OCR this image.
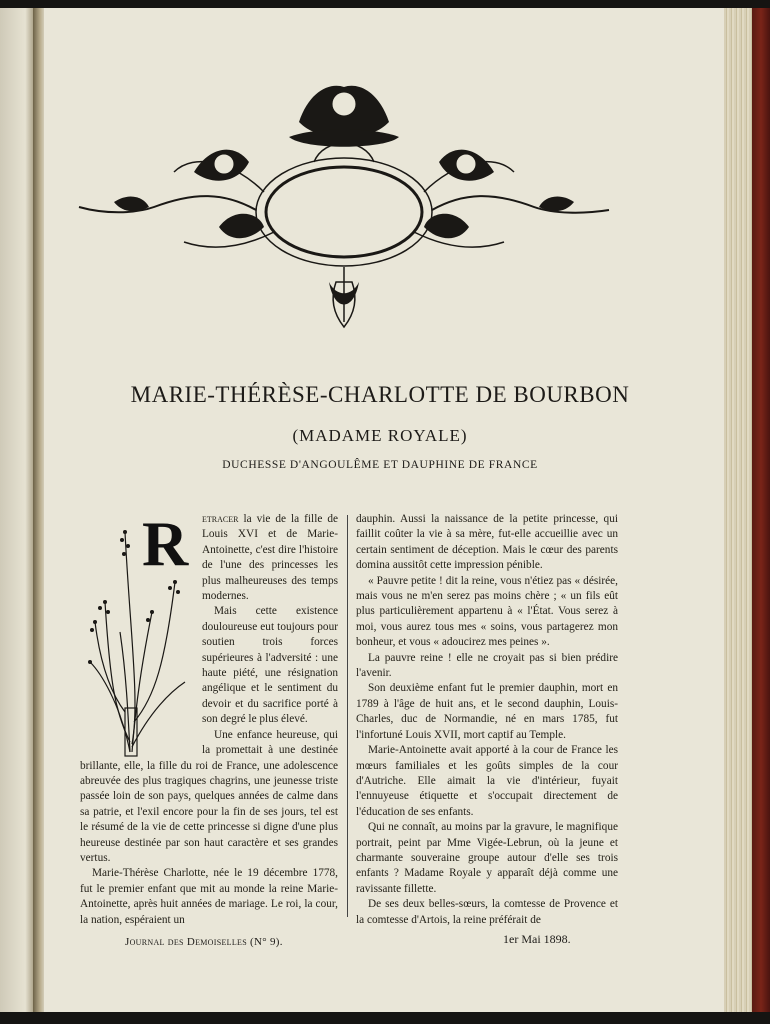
MARIE-THÉRÈSE-CHARLOTTE DE BOURBON
(MADAME ROYALE)
DUCHESSE D'ANGOULÊME ET DAUPHINE DE FRANCE
R	etracer la vie de la fille de Louis XVI et de Marie-Antoinette, c'est dire l'histoire de l'une des princesses les plus malheureuses des temps modernes.

Mais cette existence douloureuse eut toujours pour soutien trois forces supérieures à l'adversité : une haute piété, une résignation angélique et le sentiment du devoir et du sacrifice porté à son degré le plus élevé.

Une enfance heureuse, qui la promettait à une destinée brillante, elle, la fille du roi de France, une adolescence abreuvée des plus tragiques chagrins, une jeunesse triste passée loin de son pays, quelques années de calme dans sa patrie, et l'exil encore pour la fin de ses jours, tel est le résumé de la vie de cette princesse si digne d'une plus heureuse destinée par son haut caractère et ses grandes vertus.

Marie-Thérèse Charlotte, née le 19 décembre 1778, fut le premier enfant que mit au monde la reine Marie-Antoinette, après huit années de mariage. Le roi, la cour, la nation, espéraient un

dauphin. Aussi la naissance de la petite princesse, qui faillit coûter la vie à sa mère, fut-elle accueillie avec un certain sentiment de déception. Mais le cœur des parents domina aussitôt cette impression pénible.

« Pauvre petite ! dit la reine, vous n'étiez pas « désirée, mais vous ne m'en serez pas moins chère ; « un fils eût plus particulièrement appartenu à « l'État. Vous serez à moi, vous aurez tous mes « soins, vous partagerez mon bonheur, et vous « adoucirez mes peines ».

La pauvre reine ! elle ne croyait pas si bien prédire l'avenir.

Son deuxième enfant fut le premier dauphin, mort en 1789 à l'âge de huit ans, et le second dauphin, Louis-Charles, duc de Normandie, né en mars 1785, fut l'infortuné Louis XVII, mort captif au Temple.

Marie-Antoinette avait apporté à la cour de France les mœurs familiales et les goûts simples de la cour d'Autriche. Elle aimait la vie d'intérieur, fuyait l'ennuyeuse étiquette et s'occupait directement de l'éducation de ses enfants.

Qui ne connaît, au moins par la gravure, le magnifique portrait, peint par Mme Vigée-Lebrun, où la jeune et charmante souveraine groupe autour d'elle ses trois enfants ? Madame Royale y apparaît déjà comme une ravissante fillette.

De ses deux belles-sœurs, la comtesse de Provence et la comtesse d'Artois, la reine préférait de

Journal des Demoiselles (N° 9).	1er Mai 1898.
